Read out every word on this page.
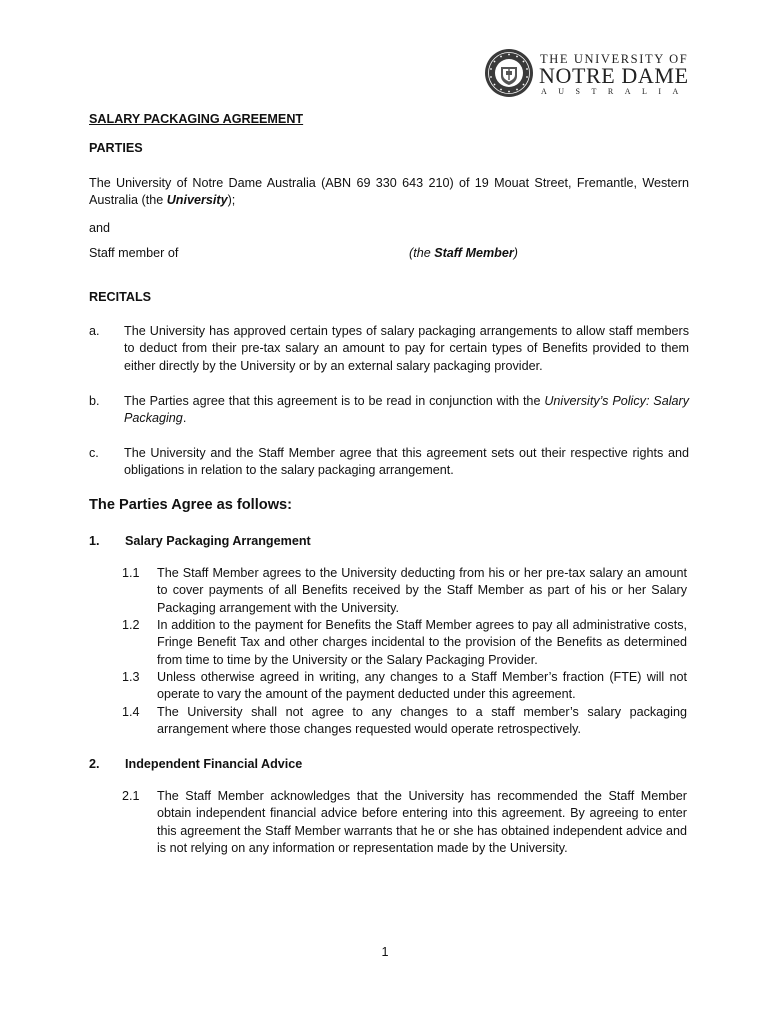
THE UNIVERSITY OF
NOTRE DAME
AUSTRALIA
SALARY PACKAGING AGREEMENT
PARTIES
The University of Notre Dame Australia (ABN 69 330 643 210) of 19 Mouat Street, Fremantle, Western Australia (the University);
and
Staff member of	(the Staff Member)
RECITALS
a. The University has approved certain types of salary packaging arrangements to allow staff members to deduct from their pre-tax salary an amount to pay for certain types of Benefits provided to them either directly by the University or by an external salary packaging provider.
b. The Parties agree that this agreement is to be read in conjunction with the University’s Policy: Salary Packaging.
c. The University and the Staff Member agree that this agreement sets out their respective rights and obligations in relation to the salary packaging arrangement.
The Parties Agree as follows:
1. Salary Packaging Arrangement
1.1 The Staff Member agrees to the University deducting from his or her pre-tax salary an amount to cover payments of all Benefits received by the Staff Member as part of his or her Salary Packaging arrangement with the University.
1.2 In addition to the payment for Benefits the Staff Member agrees to pay all administrative costs, Fringe Benefit Tax and other charges incidental to the provision of the Benefits as determined from time to time by the University or the Salary Packaging Provider.
1.3 Unless otherwise agreed in writing, any changes to a Staff Member’s fraction (FTE) will not operate to vary the amount of the payment deducted under this agreement.
1.4 The University shall not agree to any changes to a staff member’s salary packaging arrangement where those changes requested would operate retrospectively.
2. Independent Financial Advice
2.1 The Staff Member acknowledges that the University has recommended the Staff Member obtain independent financial advice before entering into this agreement. By agreeing to enter this agreement the Staff Member warrants that he or she has obtained independent advice and is not relying on any information or representation made by the University.
1
